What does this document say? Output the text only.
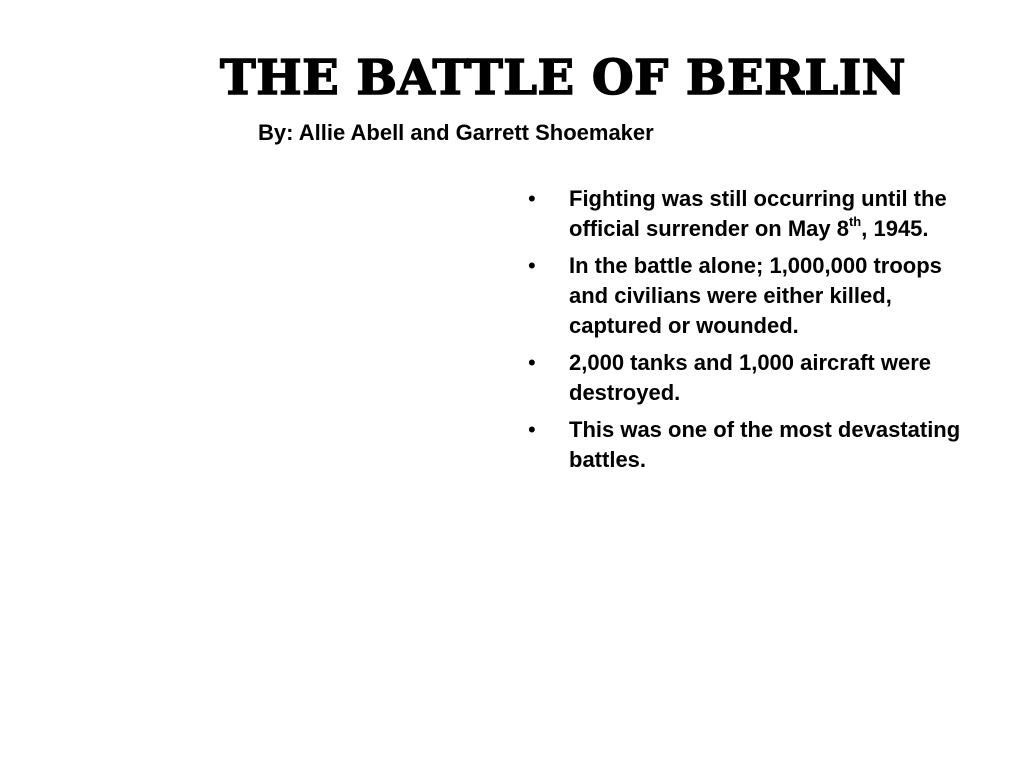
THE BATTLE OF BERLIN

By: Allie Abell and Garrett Shoemaker

•	Fighting was still occurring until the official surrender on May 8th, 1945.
•	In the battle alone; 1,000,000 troops and civilians were either killed, captured or wounded.
•	2,000 tanks and 1,000 aircraft were destroyed.
•	This was one of the most devastating battles.
